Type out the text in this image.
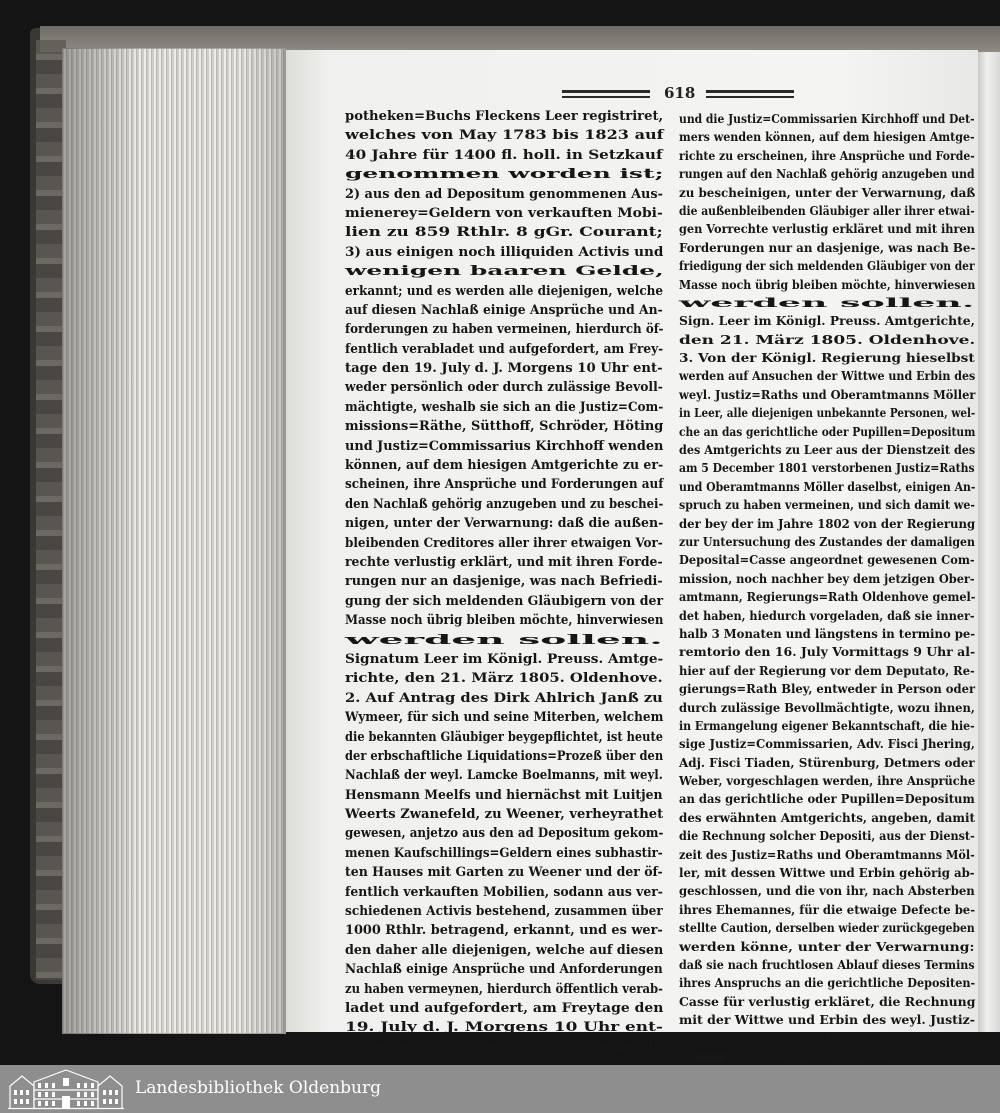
618
potheken=Buchs Fleckens Leer registriret,
welches von May 1783 bis 1823 auf
40 Jahre für 1400 fl. holl. in Setzkauf
genommen worden ist;
2) aus den ad Depositum genommenen Aus-
mienerey=Geldern von verkauften Mobi-
lien zu 859 Rthlr. 8 gGr. Courant;
3) aus einigen noch illiquiden Activis und
wenigen baaren Gelde,
erkannt; und es werden alle diejenigen, welche
auf diesen Nachlaß einige Ansprüche und An-
forderungen zu haben vermeinen, hierdurch öf-
fentlich verabladet und aufgefordert, am Frey-
tage den 19. July d. J. Morgens 10 Uhr ent-
weder persönlich oder durch zulässige Bevoll-
mächtigte, weshalb sie sich an die Justiz=Com-
missions=Räthe, Sütthoff, Schröder, Höting
und Justiz=Commissarius Kirchhoff wenden
können, auf dem hiesigen Amtgerichte zu er-
scheinen, ihre Ansprüche und Forderungen auf
den Nachlaß gehörig anzugeben und zu beschei-
nigen, unter der Verwarnung: daß die außen-
bleibenden Creditores aller ihrer etwaigen Vor-
rechte verlustig erklärt, und mit ihren Forde-
rungen nur an dasjenige, was nach Befriedi-
gung der sich meldenden Gläubigern von der
Masse noch übrig bleiben möchte, hinverwiesen
werden sollen.
Signatum Leer im Königl. Preuss. Amtge-
richte, den 21. März 1805. Oldenhove.
2. Auf Antrag des Dirk Ahlrich Janß zu
Wymeer, für sich und seine Miterben, welchem
die bekannten Gläubiger beygepflichtet, ist heute
der erbschaftliche Liquidations=Prozeß über den
Nachlaß der weyl. Lamcke Boelmanns, mit weyl.
Hensmann Meelfs und hiernächst mit Luitjen
Weerts Zwanefeld, zu Weener, verheyrathet
gewesen, anjetzo aus den ad Depositum gekom-
menen Kaufschillings=Geldern eines subhastir-
ten Hauses mit Garten zu Weener und der öf-
fentlich verkauften Mobilien, sodann aus ver-
schiedenen Activis bestehend, zusammen über
1000 Rthlr. betragend, erkannt, und es wer-
den daher alle diejenigen, welche auf diesen
Nachlaß einige Ansprüche und Anforderungen
zu haben vermeynen, hierdurch öffentlich verab-
ladet und aufgefordert, am Freytage den
19. July d. J. Morgens 10 Uhr ent-
weder persönlich oder durch zulässige Bevoll-
und die Justiz=Commissarien Kirchhoff und Det-
mers wenden können, auf dem hiesigen Amtge-
richte zu erscheinen, ihre Ansprüche und Forde-
rungen auf den Nachlaß gehörig anzugeben und
zu bescheinigen, unter der Verwarnung, daß
die außenbleibenden Gläubiger aller ihrer etwai-
gen Vorrechte verlustig erkläret und mit ihren
Forderungen nur an dasjenige, was nach Be-
friedigung der sich meldenden Gläubiger von der
Masse noch übrig bleiben möchte, hinverwiesen
werden sollen.
Sign. Leer im Königl. Preuss. Amtgerichte,
den 21. März 1805. Oldenhove.
3. Von der Königl. Regierung hieselbst
werden auf Ansuchen der Wittwe und Erbin des
weyl. Justiz=Raths und Oberamtmanns Möller
in Leer, alle diejenigen unbekannte Personen, wel-
che an das gerichtliche oder Pupillen=Depositum
des Amtgerichts zu Leer aus der Dienstzeit des
am 5 December 1801 verstorbenen Justiz=Raths
und Oberamtmanns Möller daselbst, einigen An-
spruch zu haben vermeinen, und sich damit we-
der bey der im Jahre 1802 von der Regierung
zur Untersuchung des Zustandes der damaligen
Deposital=Casse angeordnet gewesenen Com-
mission, noch nachher bey dem jetzigen Ober-
amtmann, Regierungs=Rath Oldenhove gemel-
det haben, hiedurch vorgeladen, daß sie inner-
halb 3 Monaten und längstens in termino pe-
remtorio den 16. July Vormittags 9 Uhr al-
hier auf der Regierung vor dem Deputato, Re-
gierungs=Rath Bley, entweder in Person oder
durch zulässige Bevollmächtigte, wozu ihnen,
in Ermangelung eigener Bekanntschaft, die hie-
sige Justiz=Commissarien, Adv. Fisci Jhering,
Adj. Fisci Tiaden, Stürenburg, Detmers oder
Weber, vorgeschlagen werden, ihre Ansprüche
an das gerichtliche oder Pupillen=Depositum
des erwähnten Amtgerichts, angeben, damit
die Rechnung solcher Depositi, aus der Dienst-
zeit des Justiz=Raths und Oberamtmanns Möl-
ler, mit dessen Wittwe und Erbin gehörig ab-
geschlossen, und die von ihr, nach Absterben
ihres Ehemannes, für die etwaige Defecte be-
stellte Caution, derselben wieder zurückgegeben
werden könne, unter der Verwarnung:
daß sie nach fruchtlosen Ablauf dieses Termins
ihres Anspruchs an die gerichtliche Depositen-
Casse für verlustig erkläret, die Rechnung
mit der Wittwe und Erbin des weyl. Justiz-
Raths Möller abgeschlossen, ihr auch die
be-
Landesbibliothek Oldenburg
